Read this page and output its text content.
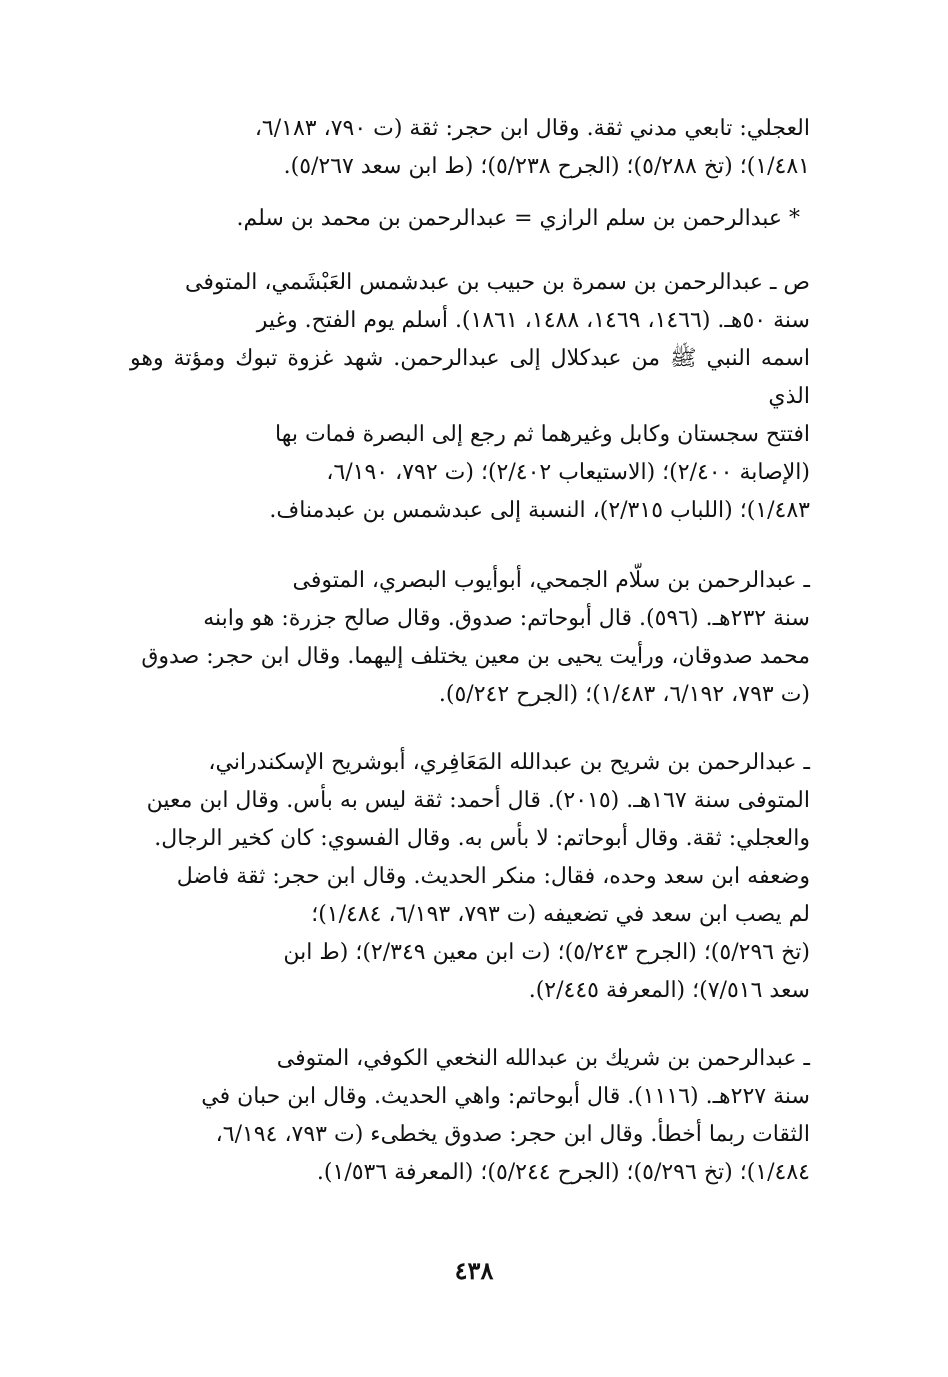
العجلي: تابعي مدني ثقة. وقال ابن حجر: ثقة (ت ٧٩٠، ٦/١٨٣،
١/٤٨١)؛ (تخ ٥/٢٨٨)؛ (الجرح ٥/٢٣٨)؛ (ط ابن سعد ٥/٢٦٧).

* عبدالرحمن بن سلم الرازي = عبدالرحمن بن محمد بن سلم.

ص ـ عبدالرحمن بن سمرة بن حبيب بن عبدشمس العَبْشَمي، المتوفى
سنة ٥٠هـ. (١٤٦٦، ١٤٦٩، ١٤٨٨، ١٨٦١). أسلم يوم الفتح. وغير
اسمه النبي ﷺ من عبدكلال إلى عبدالرحمن. شهد غزوة تبوك ومؤتة وهو الذي
افتتح سجستان وكابل وغيرهما ثم رجع إلى البصرة فمات بها
(الإصابة ٢/٤٠٠)؛ (الاستيعاب ٢/٤٠٢)؛ (ت ٧٩٢، ٦/١٩٠،
١/٤٨٣)؛ (اللباب ٢/٣١٥)، النسبة إلى عبدشمس بن عبدمناف.

ـ عبدالرحمن بن سلّام الجمحي، أبوأيوب البصري، المتوفى
سنة ٢٣٢هـ. (٥٩٦). قال أبوحاتم: صدوق. وقال صالح جزرة: هو وابنه
محمد صدوقان، ورأيت يحيى بن معين يختلف إليهما. وقال ابن حجر: صدوق
(ت ٧٩٣، ٦/١٩٢، ١/٤٨٣)؛ (الجرح ٥/٢٤٢).

ـ عبدالرحمن بن شريح بن عبدالله المَعَافِري، أبوشريح الإسكندراني،
المتوفى سنة ١٦٧هـ. (٢٠١٥). قال أحمد: ثقة ليس به بأس. وقال ابن معين
والعجلي: ثقة. وقال أبوحاتم: لا بأس به. وقال الفسوي: كان كخير الرجال.
وضعفه ابن سعد وحده، فقال: منكر الحديث. وقال ابن حجر: ثقة فاضل
لم يصب ابن سعد في تضعيفه (ت ٧٩٣، ٦/١٩٣، ١/٤٨٤)؛
(تخ ٥/٢٩٦)؛ (الجرح ٥/٢٤٣)؛ (ت ابن معين ٢/٣٤٩)؛ (ط ابن
سعد ٧/٥١٦)؛ (المعرفة ٢/٤٤٥).

ـ عبدالرحمن بن شريك بن عبدالله النخعي الكوفي، المتوفى
سنة ٢٢٧هـ. (١١١٦). قال أبوحاتم: واهي الحديث. وقال ابن حبان في
الثقات ربما أخطأ. وقال ابن حجر: صدوق يخطىء (ت ٧٩٣، ٦/١٩٤،
١/٤٨٤)؛ (تخ ٥/٢٩٦)؛ (الجرح ٥/٢٤٤)؛ (المعرفة ١/٥٣٦).

٤٣٨
